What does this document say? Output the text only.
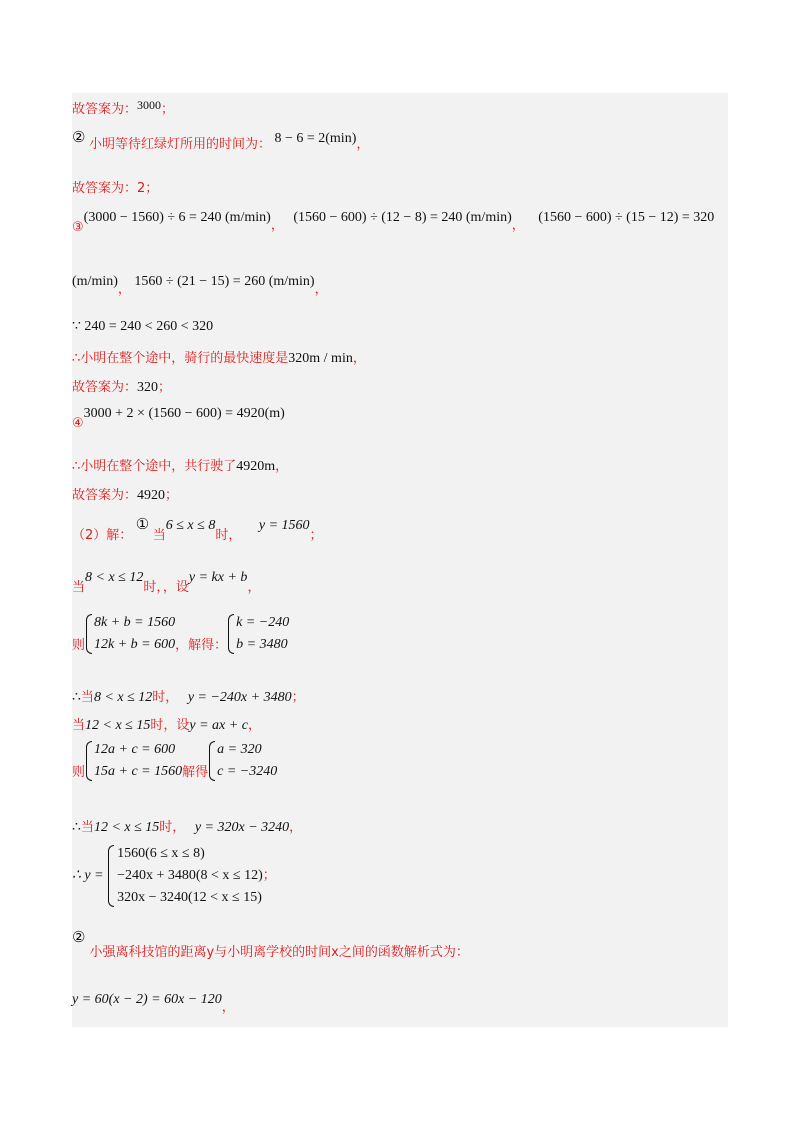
故答案为：3000；
② 小明等待红绿灯所用的时间为： 8 − 6 = 2(min)，
故答案为：2；
③(3000 − 1560) ÷ 6 = 240 (m/min)， (1560 − 600) ÷ (12 − 8) = 240 (m/min)， (1560 − 600) ÷ (15 − 12) = 320
(m/min)， 1560 ÷ (21 − 15) = 260 (m/min)，
∵ 240 = 240 < 260 < 320
∴小明在整个途中，骑行的最快速度是320m / min，
故答案为：320；
④3000 + 2 × (1560 − 600) = 4920(m)
∴小明在整个途中，共行驶了4920m，
故答案为：4920；
（2）解： ① 当6 ≤ x ≤ 8时， y = 1560；
当8 < x ≤ 12时，，设y = kx + b，
则
8k + b = 1560
12k + b = 600 ，解得：
k = −240
b = 3480
∴当8 < x ≤ 12时， y = −240x + 3480；
当12 < x ≤ 15时，设y = ax + c，
则
12a + c = 600
15a + c = 1560 解得
a = 320
c = −3240
∴当12 < x ≤ 15时， y = 320x − 3240，
∴ y =
1560(6 ≤ x ≤ 8)
−240x + 3480(8 < x ≤ 12)
320x − 3240(12 < x ≤ 15)
；
②小强离科技馆的距离y与小明离学校的时间x之间的函数解析式为：
y = 60(x − 2) = 60x − 120，
